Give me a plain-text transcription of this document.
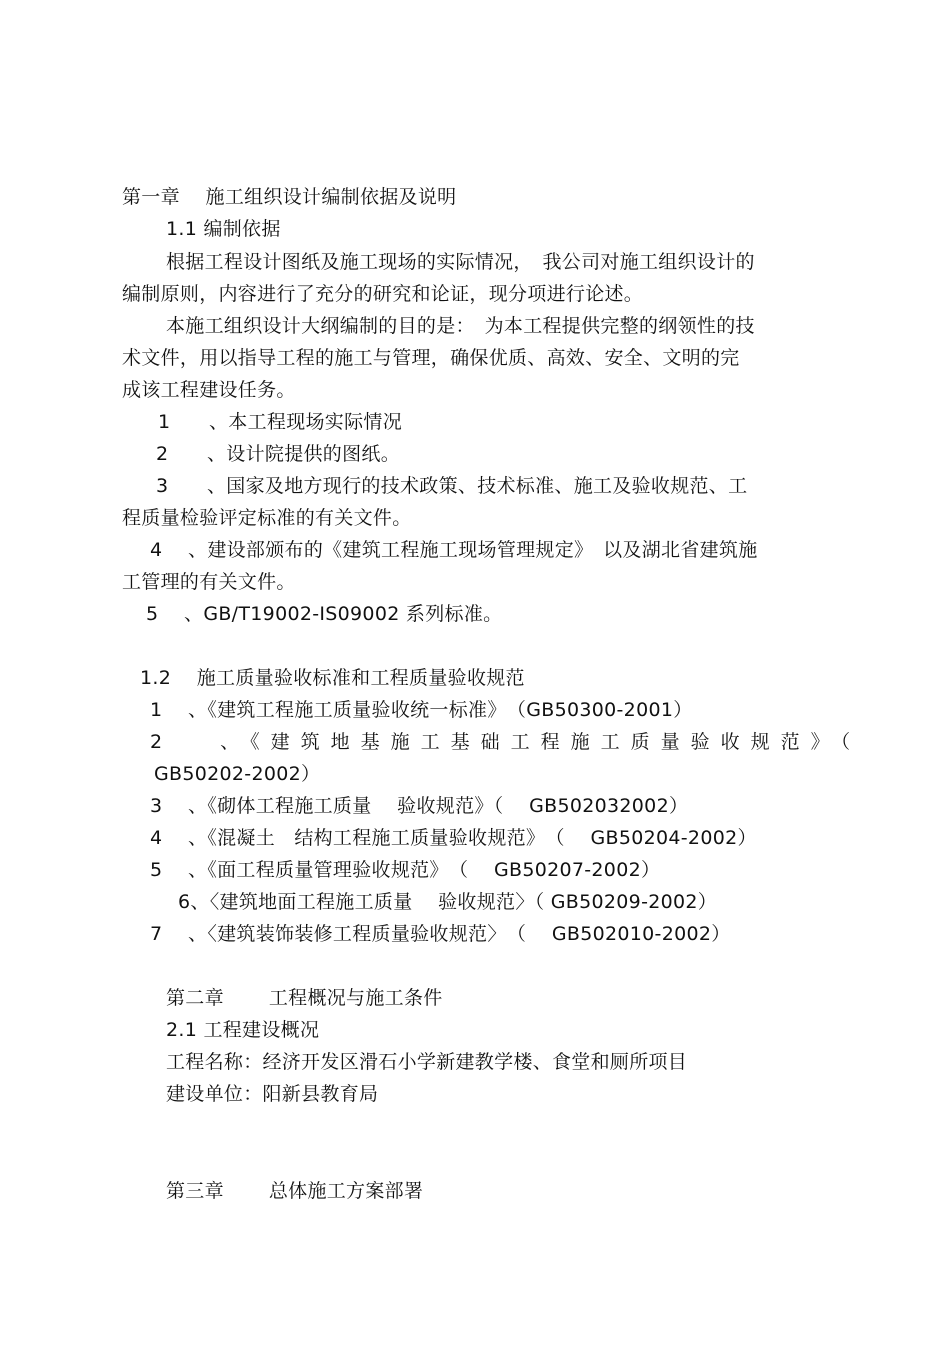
第一章　 施工组织设计编制依据及说明
1.1 编制依据
根据工程设计图纸及施工现场的实际情况，　我公司对施工组织设计的
编制原则，内容进行了充分的研究和论证，现分项进行论述。
本施工组织设计大纲编制的目的是：　为本工程提供完整的纲领性的技
术文件，用以指导工程的施工与管理，确保优质、高效、安全、文明的完
成该工程建设任务。
1　　、本工程现场实际情况
2　　、设计院提供的图纸。
3　　、国家及地方现行的技术政策、技术标准、施工及验收规范、工
程质量检验评定标准的有关文件。
4　 、建设部颁布的《建筑工程施工现场管理规定》　以及湖北省建筑施
工管理的有关文件。
5　 、GB/T19002-IS09002 系列标准。
1.2　 施工质量验收标准和工程质量验收规范
1　 、《建筑工程施工质量验收统一标准》　（GB50300-2001）
2　 、《建筑地基施工基础工程施工质量验收规范》（
GB50202-2002）
3　 、《砌体工程施工质量　 验收规范》（　 GB502032002）
4　 、《混凝土　结构工程施工质量验收规范》　（　 GB50204-2002）
5　 、《面工程质量管理验收规范》　（　 GB50207-2002）
6、〈建筑地面工程施工质量　 验收规范〉（ GB50209-2002）
7　 、〈建筑装饰装修工程质量验收规范〉　（　 GB502010-2002）
第二章　　 工程概况与施工条件
2.1 工程建设概况
工程名称：经济开发区滑石小学新建教学楼、食堂和厕所项目
建设单位：阳新县教育局
第三章　　 总体施工方案部署
